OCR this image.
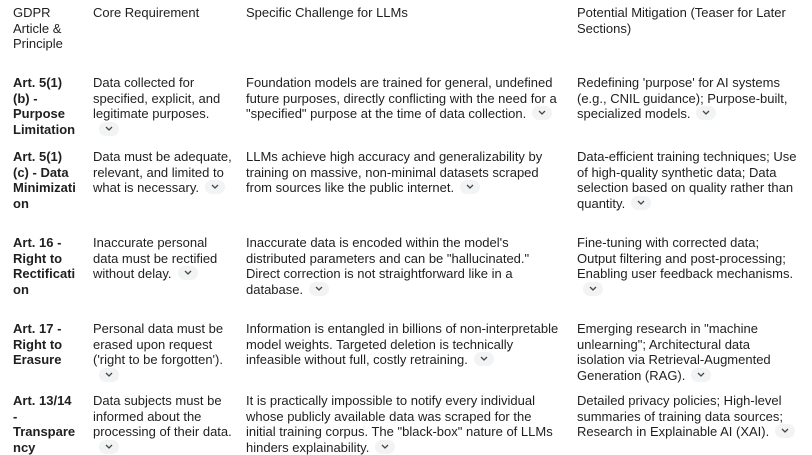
GDPR Article & Principle
Core Requirement	Specific Challenge for LLMs	Potential Mitigation (Teaser for Later Sections)
Art. 5(1)(b) - Purpose Limitation
Data collected for specified, explicit, and legitimate purposes.
Foundation models are trained for general, undefined future purposes, directly conflicting with the need for a "specified" purpose at the time of data collection.
Redefining 'purpose' for AI systems (e.g., CNIL guidance); Purpose-built, specialized models.
Art. 5(1)(c) - Data Minimization
Data must be adequate, relevant, and limited to what is necessary.
LLMs achieve high accuracy and generalizability by training on massive, non-minimal datasets scraped from sources like the public internet.
Data-efficient training techniques; Use of high-quality synthetic data; Data selection based on quality rather than quantity.
Art. 16 - Right to Rectification
Inaccurate personal data must be rectified without delay.
Inaccurate data is encoded within the model's distributed parameters and can be "hallucinated." Direct correction is not straightforward like in a database.
Fine-tuning with corrected data; Output filtering and post-processing; Enabling user feedback mechanisms.
Art. 17 - Right to Erasure
Personal data must be erased upon request ('right to be forgotten').
Information is entangled in billions of non-interpretable model weights. Targeted deletion is technically infeasible without full, costly retraining.
Emerging research in "machine unlearning"; Architectural data isolation via Retrieval-Augmented Generation (RAG).
Art. 13/14 - Transparency
Data subjects must be informed about the processing of their data.
It is practically impossible to notify every individual whose publicly available data was scraped for the initial training corpus. The "black-box" nature of LLMs hinders explainability.
Detailed privacy policies; High-level summaries of training data sources; Research in Explainable AI (XAI).
